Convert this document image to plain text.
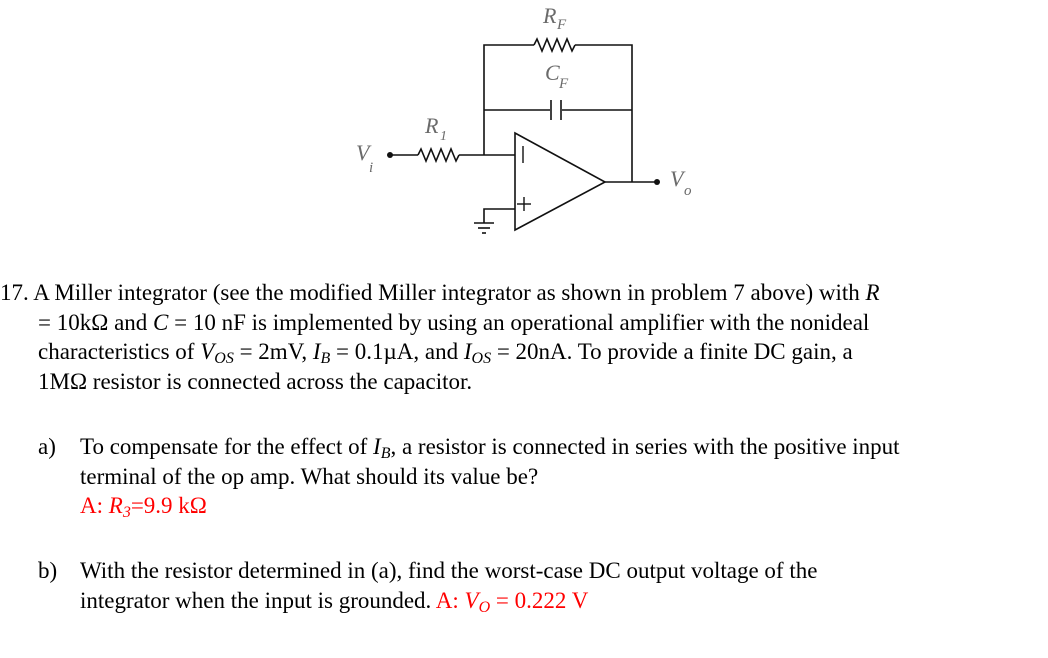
R F
C F
R 1
V
i	V o
17. A Miller integrator (see the modified Miller integrator as shown in problem 7 above) with R
= 10kΩ and C = 10 nF is implemented by using an operational amplifier with the nonideal
characteristics of $V_{OS} = 2mV$, $I_B = 0.1\mu A$, and $I_{OS} = 20nA$. To provide a finite DC gain, a
1MΩ resistor is connected across the capacitor.
a) To compensate for the effect of $I_B$, a resistor is connected in series with the positive input
terminal of the op amp. What should its value be?
A: $R_3=9.9$ kΩ
b) With the resistor determined in (a), find the worst-case DC output voltage of the
integrator when the input is grounded. A: $V_O = 0.222$ V
